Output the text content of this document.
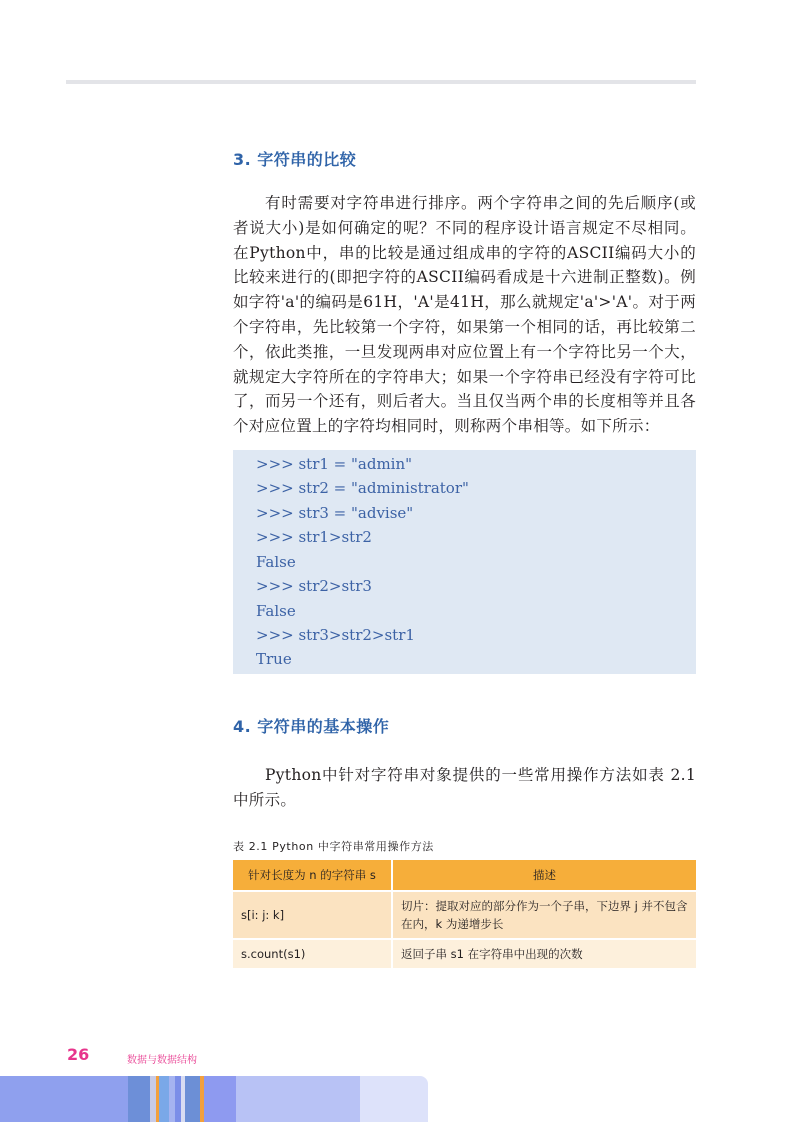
3. 字符串的比较

有时需要对字符串进行排序。两个字符串之间的先后顺序(或者说大小)是如何确定的呢？不同的程序设计语言规定不尽相同。在Python中，串的比较是通过组成串的字符的ASCII编码大小的比较来进行的(即把字符的ASCII编码看成是十六进制正整数)。例如字符'a'的编码是61H，'A'是41H，那么就规定'a'>'A'。对于两个字符串，先比较第一个字符，如果第一个相同的话，再比较第二个，依此类推，一旦发现两串对应位置上有一个字符比另一个大，就规定大字符所在的字符串大；如果一个字符串已经没有字符可比了，而另一个还有，则后者大。当且仅当两个串的长度相等并且各个对应位置上的字符均相同时，则称两个串相等。如下所示：

>>> str1 = "admin"
>>> str2 = "administrator"
>>> str3 = "advise"
>>> str1>str2
False
>>> str2>str3
False
>>> str3>str2>str1
True
4. 字符串的基本操作

Python中针对字符串对象提供的一些常用操作方法如表 2.1 中所示。

表 2.1 Python 中字符串常用操作方法
针对长度为 n 的字符串 s	描述
s[i: j: k]	切片：提取对应的部分作为一个子串，下边界 j 并不包含在内，k 为递增步长
s.count(s1)	返回子串 s1 在字符串中出现的次数
26	数据与数据结构
